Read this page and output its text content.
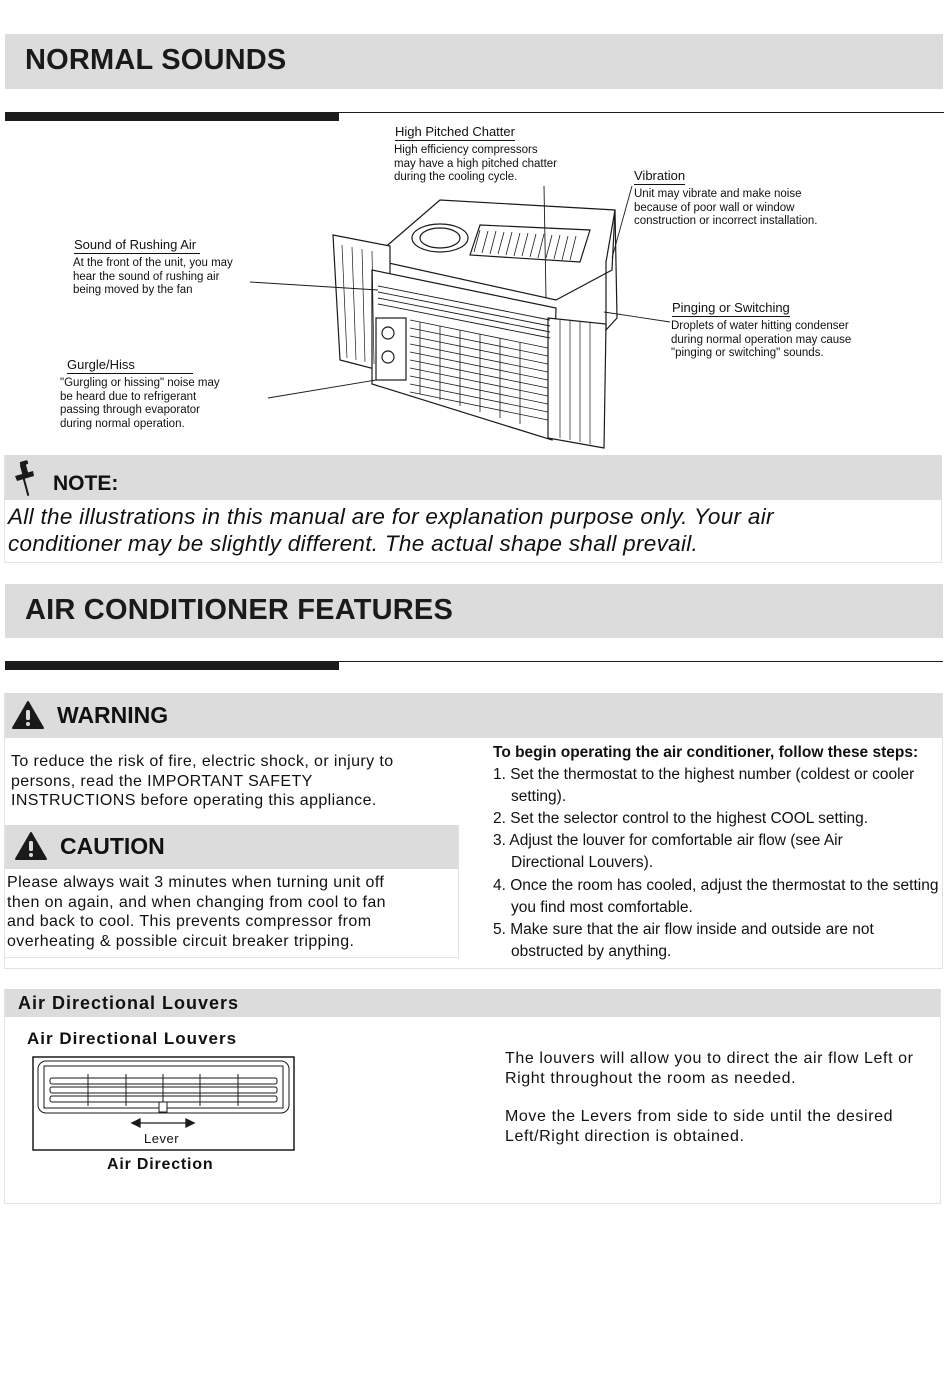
NORMAL SOUNDS
High Pitched Chatter
High efficiency compressors
may have a high pitched chatter
during the cooling cycle.	Vibration
Unit may vibrate and make noise
because of poor wall or window
construction or incorrect installation.
Sound of Rushing Air
At the front of the unit, you may
hear the sound of rushing air
being moved by the fan
Pinging or Switching
Droplets of water hitting condenser
during normal operation may cause
"pinging or switching" sounds.
Gurgle/Hiss
"Gurgling or hissing" noise may
be heard due to refrigerant
passing through evaporator
during normal operation.
NOTE:
All the illustrations in this manual are for explanation purpose only. Your air
conditioner may be slightly different. The actual shape shall prevail.
AIR CONDITIONER FEATURES
WARNING
To reduce the risk of fire, electric shock, or injury to
persons, read the IMPORTANT SAFETY
INSTRUCTIONS before operating this appliance.
CAUTION
Please always wait 3 minutes when turning unit off
then on again, and when changing from cool to fan
and back to cool. This prevents compressor from
overheating & possible circuit breaker tripping.
To begin operating the air conditioner, follow these steps:
1. Set the thermostat to the highest number (coldest or cooler setting).
2. Set the selector control to the highest COOL setting.
3. Adjust the louver for comfortable air flow (see Air Directional Louvers).
4. Once the room has cooled, adjust the thermostat to the setting you find most comfortable.
5. Make sure that the air flow inside and outside are not obstructed by anything.
Air Directional Louvers
Air Directional Louvers
Lever
Air Direction
The louvers will allow you to direct the air flow Left or
Right throughout the room as needed.
Move the Levers from side to side until the desired
Left/Right direction is obtained.
